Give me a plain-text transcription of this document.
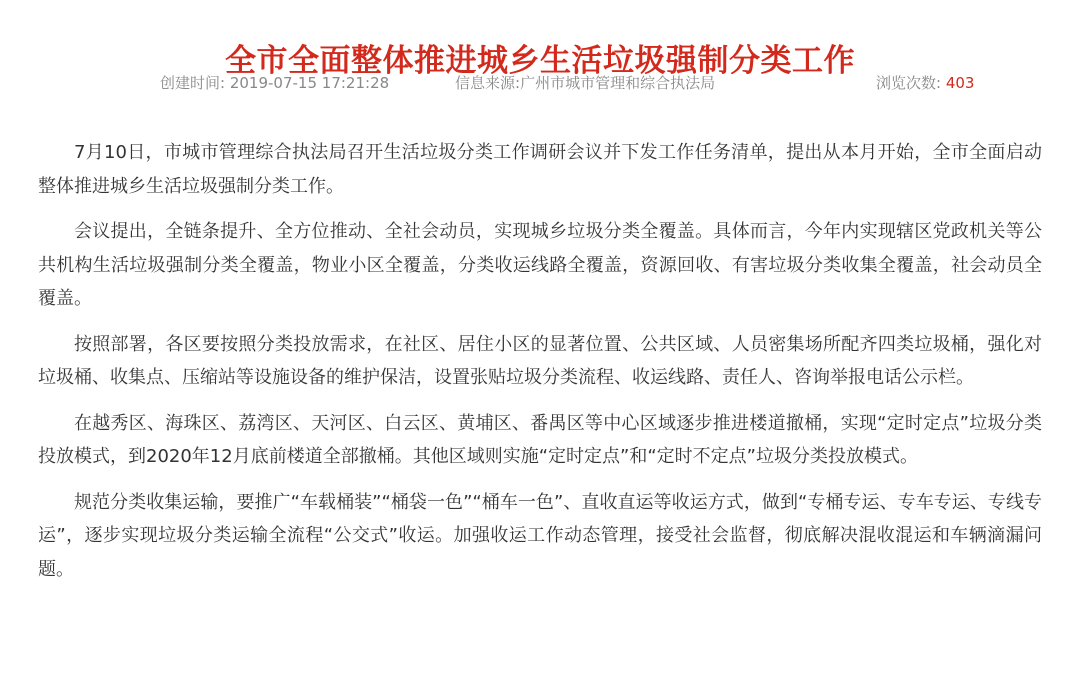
全市全面整体推进城乡生活垃圾强制分类工作
创建时间: 2019-07-15 17:21:28	信息来源:广州市城市管理和综合执法局	浏览次数: 403

7月10日，市城市管理综合执法局召开生活垃圾分类工作调研会议并下发工作任务清单，提出从本月开始，全市全面启动整体推进城乡生活垃圾强制分类工作。

会议提出，全链条提升、全方位推动、全社会动员，实现城乡垃圾分类全覆盖。具体而言，今年内实现辖区党政机关等公共机构生活垃圾强制分类全覆盖，物业小区全覆盖，分类收运线路全覆盖，资源回收、有害垃圾分类收集全覆盖，社会动员全覆盖。

按照部署，各区要按照分类投放需求，在社区、居住小区的显著位置、公共区域、人员密集场所配齐四类垃圾桶，强化对垃圾桶、收集点、压缩站等设施设备的维护保洁，设置张贴垃圾分类流程、收运线路、责任人、咨询举报电话公示栏。

在越秀区、海珠区、荔湾区、天河区、白云区、黄埔区、番禺区等中心区域逐步推进楼道撤桶，实现“定时定点”垃圾分类投放模式，到2020年12月底前楼道全部撤桶。其他区域则实施“定时定点”和“定时不定点”垃圾分类投放模式。

规范分类收集运输，要推广“车载桶装”“桶袋一色”“桶车一色”、直收直运等收运方式，做到“专桶专运、专车专运、专线专运”，逐步实现垃圾分类运输全流程“公交式”收运。加强收运工作动态管理，接受社会监督，彻底解决混收混运和车辆滴漏问题。
